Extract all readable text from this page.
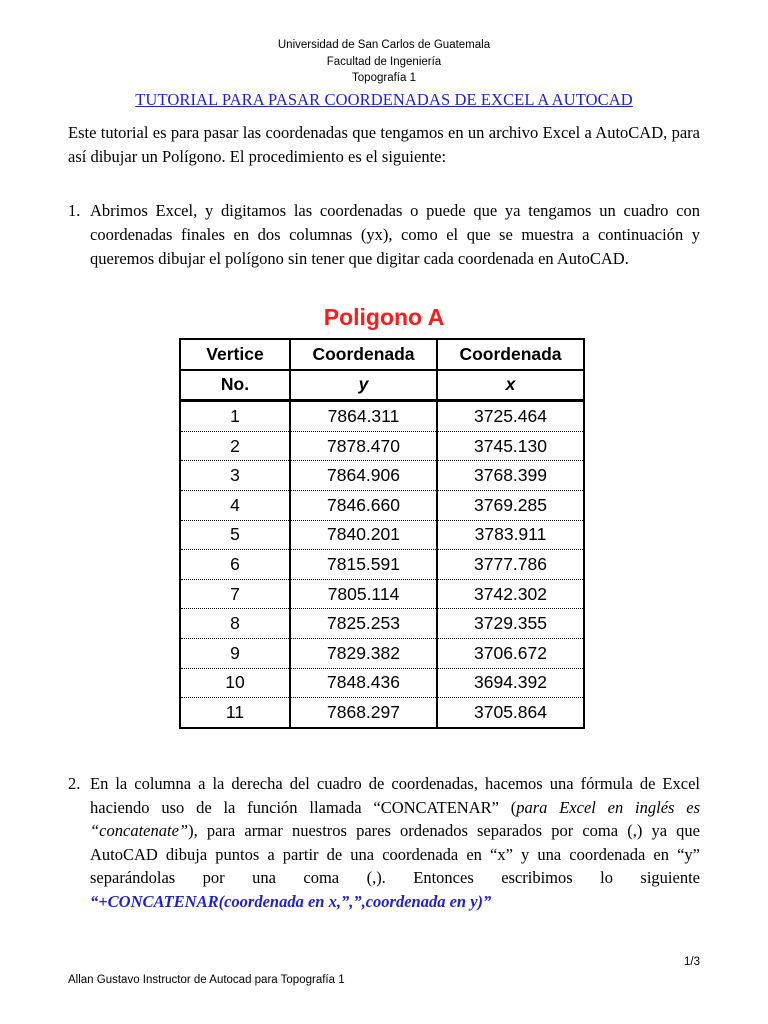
Universidad de San Carlos de Guatemala
Facultad de Ingeniería
Topografía 1
TUTORIAL PARA PASAR COORDENADAS DE EXCEL A AUTOCAD
Este tutorial es para pasar las coordenadas que tengamos en un archivo Excel a AutoCAD, para así dibujar un Polígono. El procedimiento es el siguiente:
1. Abrimos Excel, y digitamos las coordenadas o puede que ya tengamos un cuadro con coordenadas finales en dos columnas (yx), como el que se muestra a continuación y queremos dibujar el polígono sin tener que digitar cada coordenada en AutoCAD.
Poligono A
Vertice	Coordenada	Coordenada
No.	y	x
1	7864.311	3725.464
2	7878.470	3745.130
3	7864.906	3768.399
4	7846.660	3769.285
5	7840.201	3783.911
6	7815.591	3777.786
7	7805.114	3742.302
8	7825.253	3729.355
9	7829.382	3706.672
10	7848.436	3694.392
11	7868.297	3705.864
2. En la columna a la derecha del cuadro de coordenadas, hacemos una fórmula de Excel haciendo uso de la función llamada “CONCATENAR” (para Excel en inglés es “concatenate”), para armar nuestros pares ordenados separados por coma (,) ya que AutoCAD dibuja puntos a partir de una coordenada en “x” y una coordenada en “y” separándolas por una coma (,). Entonces escribimos lo siguiente “+CONCATENAR(coordenada en x,”,”,coordenada en y)”
1/3
Allan Gustavo Instructor de Autocad para Topografía 1
